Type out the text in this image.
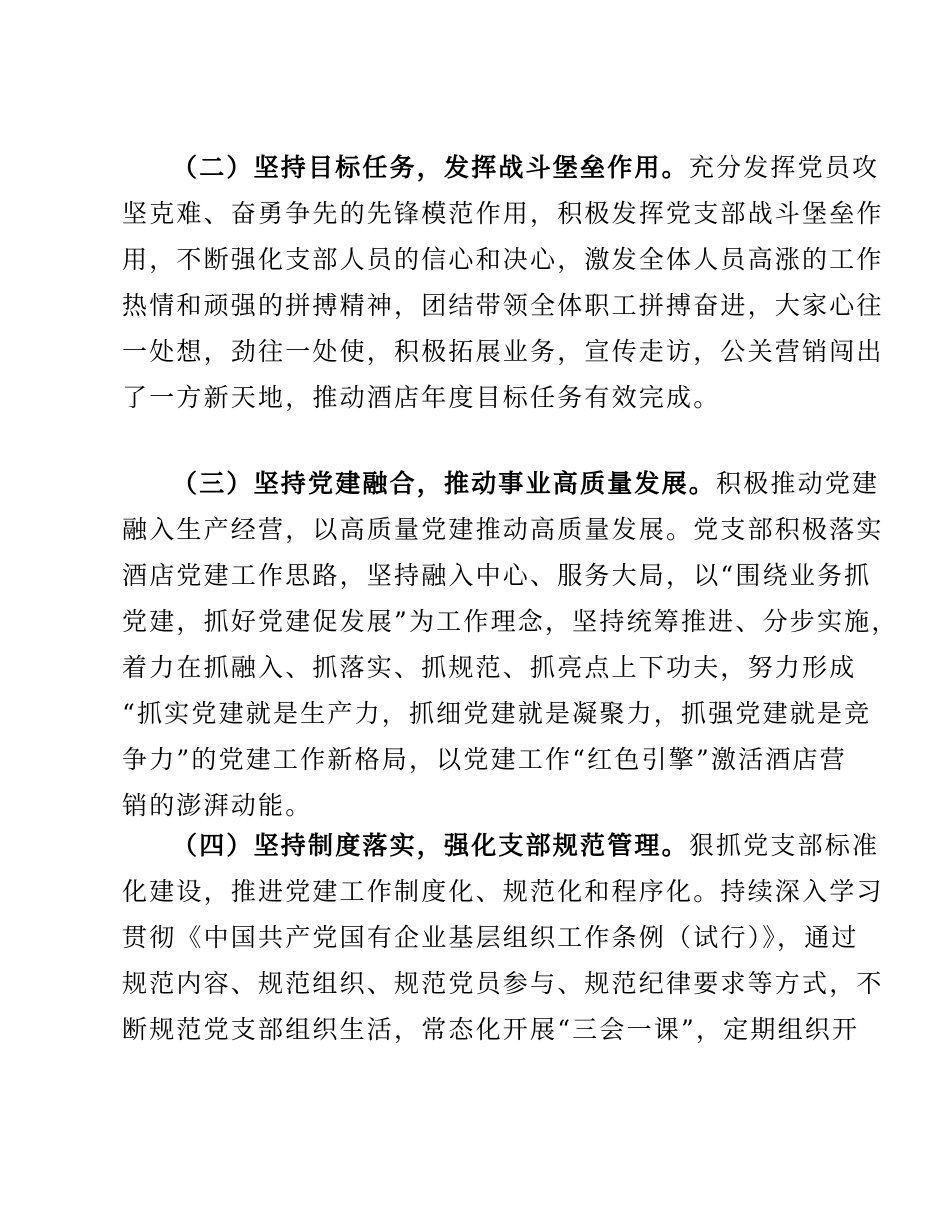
（二）坚持目标任务，发挥战斗堡垒作用。充分发挥党员攻
坚克难、奋勇争先的先锋模范作用，积极发挥党支部战斗堡垒作
用，不断强化支部人员的信心和决心，激发全体人员高涨的工作
热情和顽强的拼搏精神，团结带领全体职工拼搏奋进，大家心往
一处想，劲往一处使，积极拓展业务，宣传走访，公关营销闯出
了一方新天地，推动酒店年度目标任务有效完成。
（三）坚持党建融合，推动事业高质量发展。积极推动党建
融入生产经营，以高质量党建推动高质量发展。党支部积极落实
酒店党建工作思路，坚持融入中心、服务大局，以“围绕业务抓
党建，抓好党建促发展”为工作理念，坚持统筹推进、分步实施，
着力在抓融入、抓落实、抓规范、抓亮点上下功夫，努力形成
“抓实党建就是生产力，抓细党建就是凝聚力，抓强党建就是竞
争力”的党建工作新格局，以党建工作“红色引擎”激活酒店营
销的澎湃动能。
（四）坚持制度落实，强化支部规范管理。狠抓党支部标准
化建设，推进党建工作制度化、规范化和程序化。持续深入学习
贯彻《中国共产党国有企业基层组织工作条例（试行）》，通过
规范内容、规范组织、规范党员参与、规范纪律要求等方式，不
断规范党支部组织生活，常态化开展“三会一课”，定期组织开
